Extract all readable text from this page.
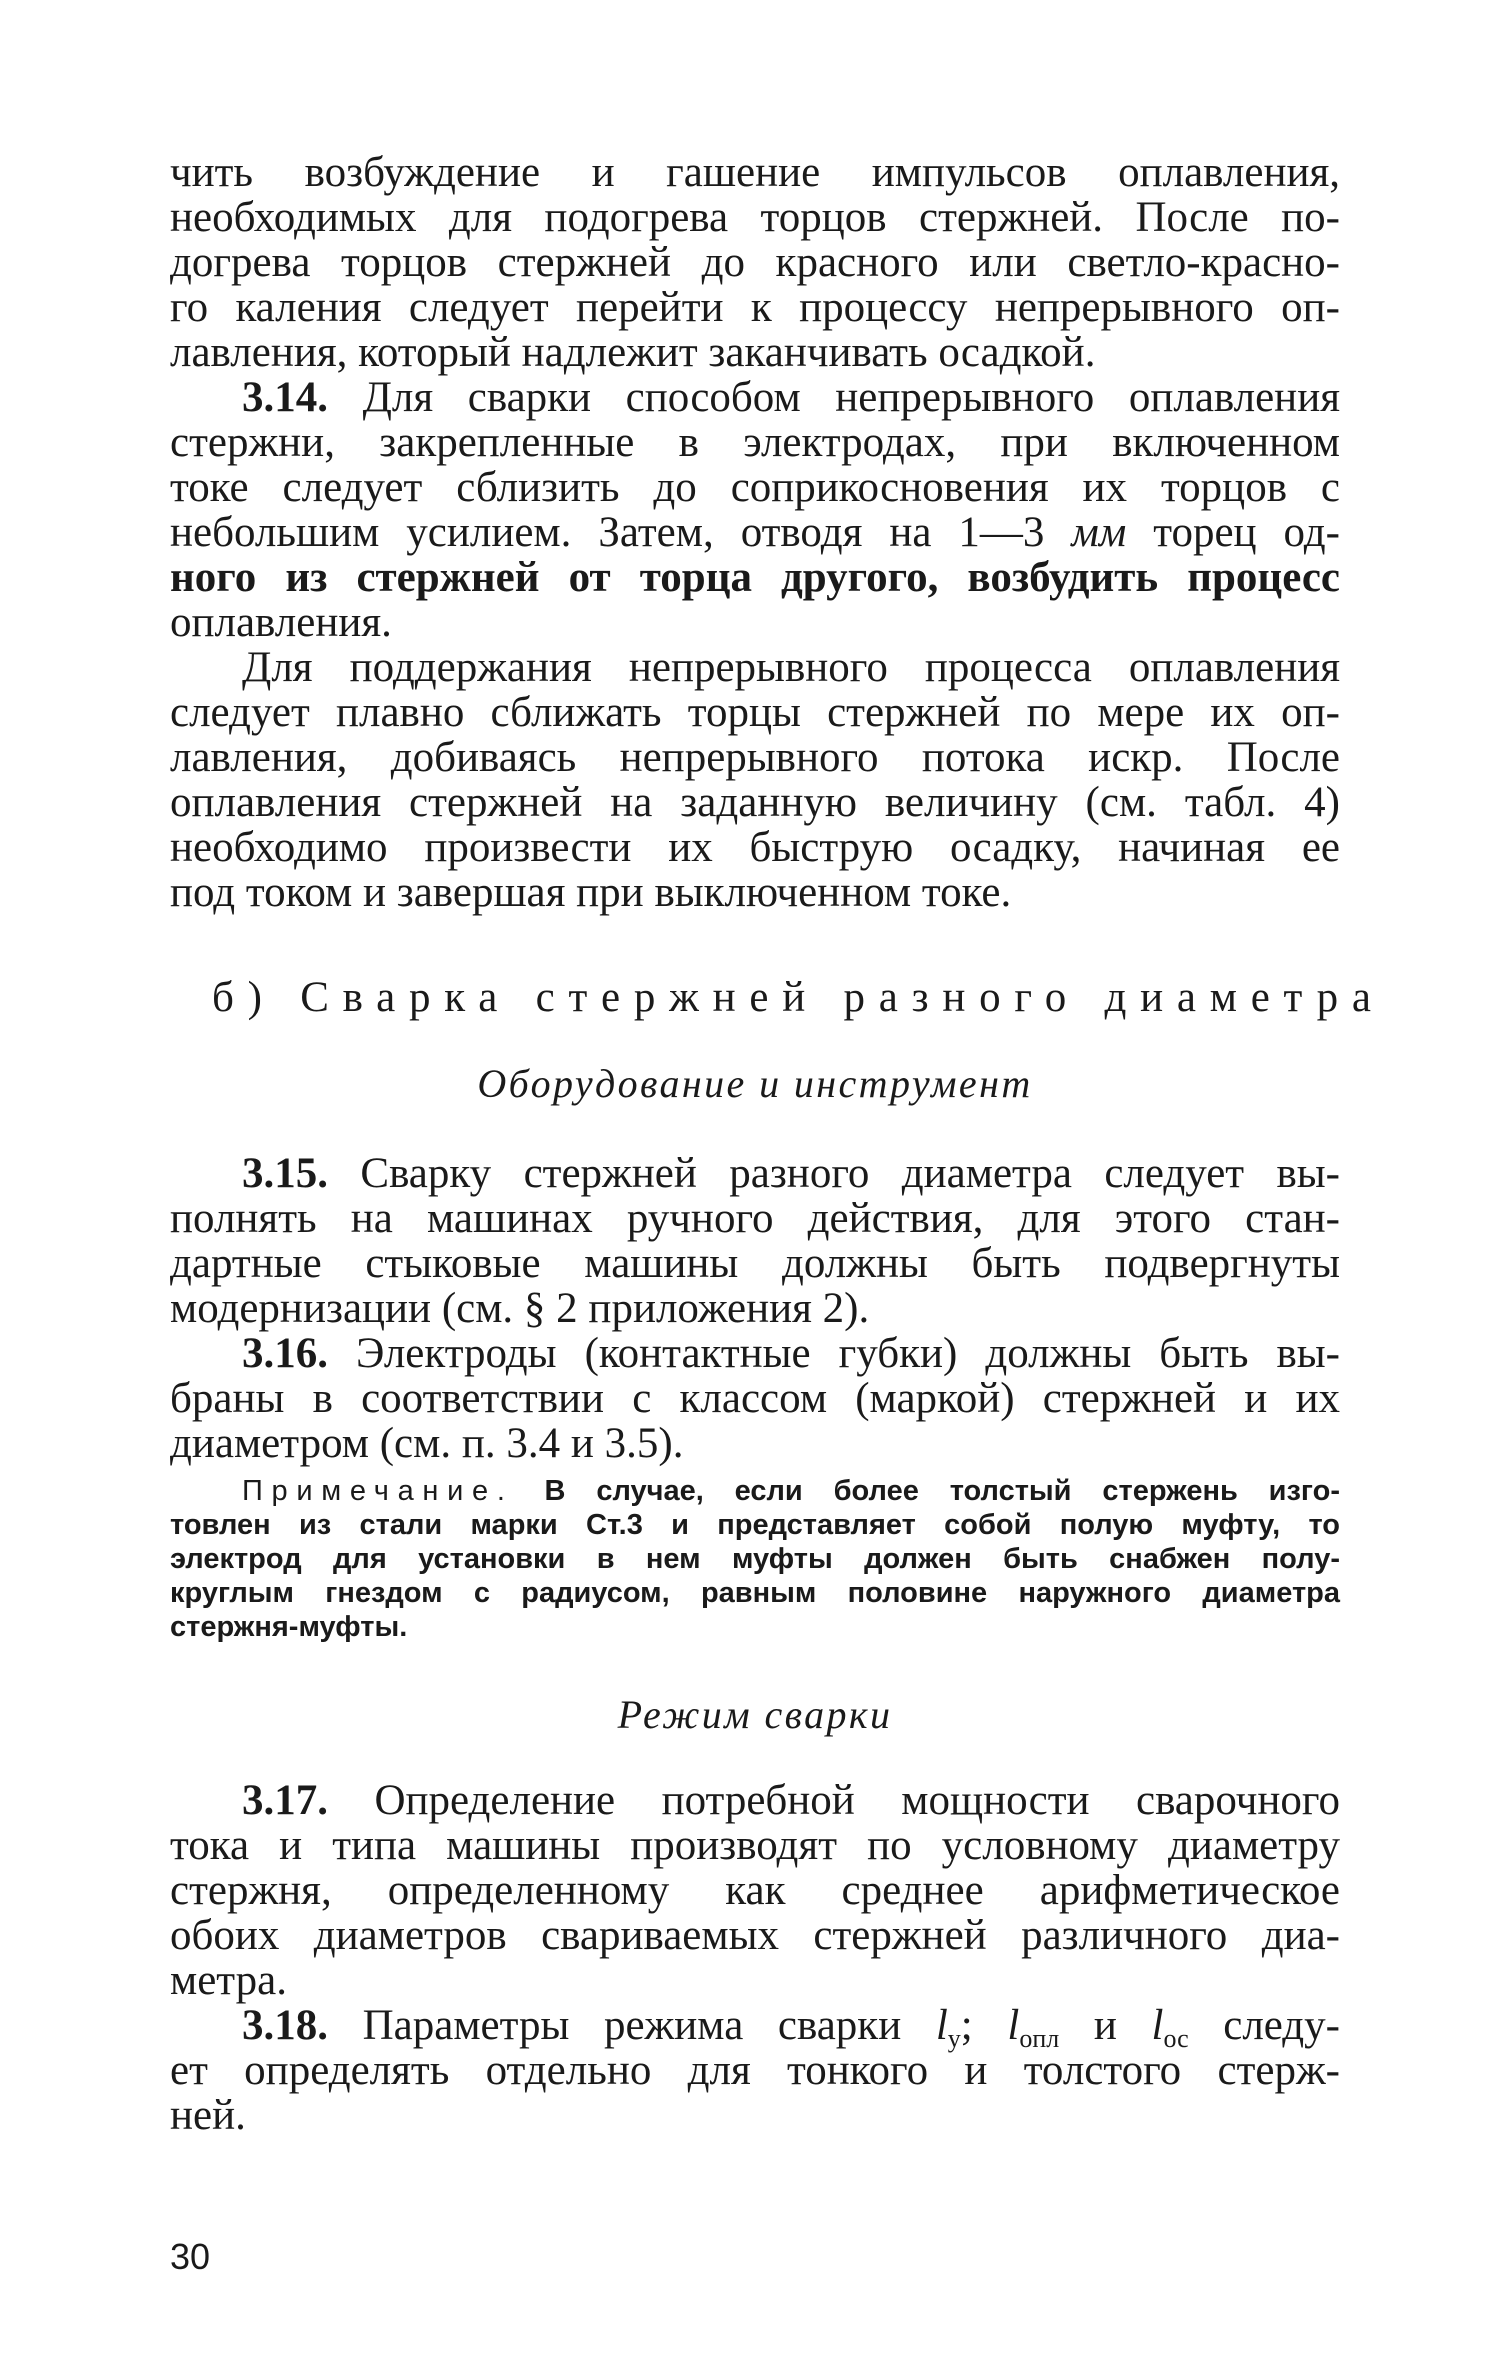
чить возбуждение и гашение импульсов оплавления,
необходимых для подогрева торцов стержней. После по-
догрева торцов стержней до красного или светло-красно-
го каления следует перейти к процессу непрерывного оп-
лавления, который надлежит заканчивать осадкой.
3.14. Для сварки способом непрерывного оплавления
стержни, закрепленные в электродах, при включенном
токе следует сблизить до соприкосновения их торцов с
небольшим усилием. Затем, отводя на 1—3 мм торец од-
ного из стержней от торца другого, возбудить процесс
оплавления.
Для поддержания непрерывного процесса оплавления
следует плавно сближать торцы стержней по мере их оп-
лавления, добиваясь непрерывного потока искр. После
оплавления стержней на заданную величину (см. табл. 4)
необходимо произвести их быструю осадку, начиная ее
под током и завершая при выключенном токе.
б) Сварка стержней разного диаметра
Оборудование и инструмент
3.15. Сварку стержней разного диаметра следует вы-
полнять на машинах ручного действия, для этого стан-
дартные стыковые машины должны быть подвергнуты
модернизации (см. § 2 приложения 2).
3.16. Электроды (контактные губки) должны быть вы-
браны в соответствии с классом (маркой) стержней и их
диаметром (см. п. 3.4 и 3.5).
Примечание. В случае, если более толстый стержень изго-
товлен из стали марки Ст.3 и представляет собой полую муфту, то
электрод для установки в нем муфты должен быть снабжен полу-
круглым гнездом с радиусом, равным половине наружного диаметра
стержня-муфты.
Режим сварки
3.17. Определение потребной мощности сварочного
тока и типа машины производят по условному диаметру
стержня, определенному как среднее арифметическое
обоих диаметров свариваемых стержней различного диа-
метра.
3.18. Параметры режима сварки $l_у$; $l_{опл}$ и $l_{ос}$ следу-
ет определять отдельно для тонкого и толстого стерж-
ней.
30
